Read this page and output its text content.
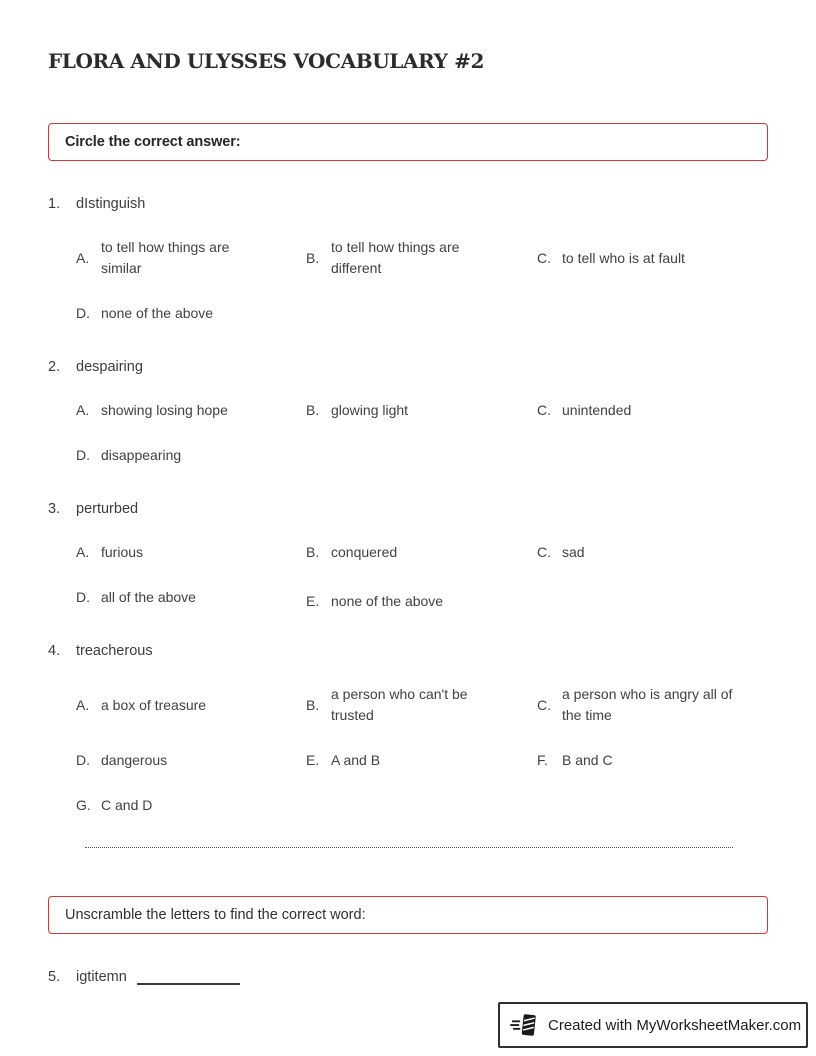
FLORA AND ULYSSES VOCABULARY #2
Circle the correct answer:
1.	dIstinguish
A.
to tell how things are similar
B.
to tell how things are different
C. to tell who is at fault
D. none of the above
2.	despairing
A. showing losing hope	B. glowing light	C. unintended
D. disappearing
3.	perturbed
A. furious	B. conquered	C. sad
D. all of the above	E. none of the above
4.	treacherous
A. a box of treasure	B.
a person who can't be trusted
C.
a person who is angry all of the time
D. dangerous	E. A and B	F.	B and C
G. C and D
Unscramble the letters to find the correct word:
5.	igtitemn
Created with MyWorksheetMaker.com
